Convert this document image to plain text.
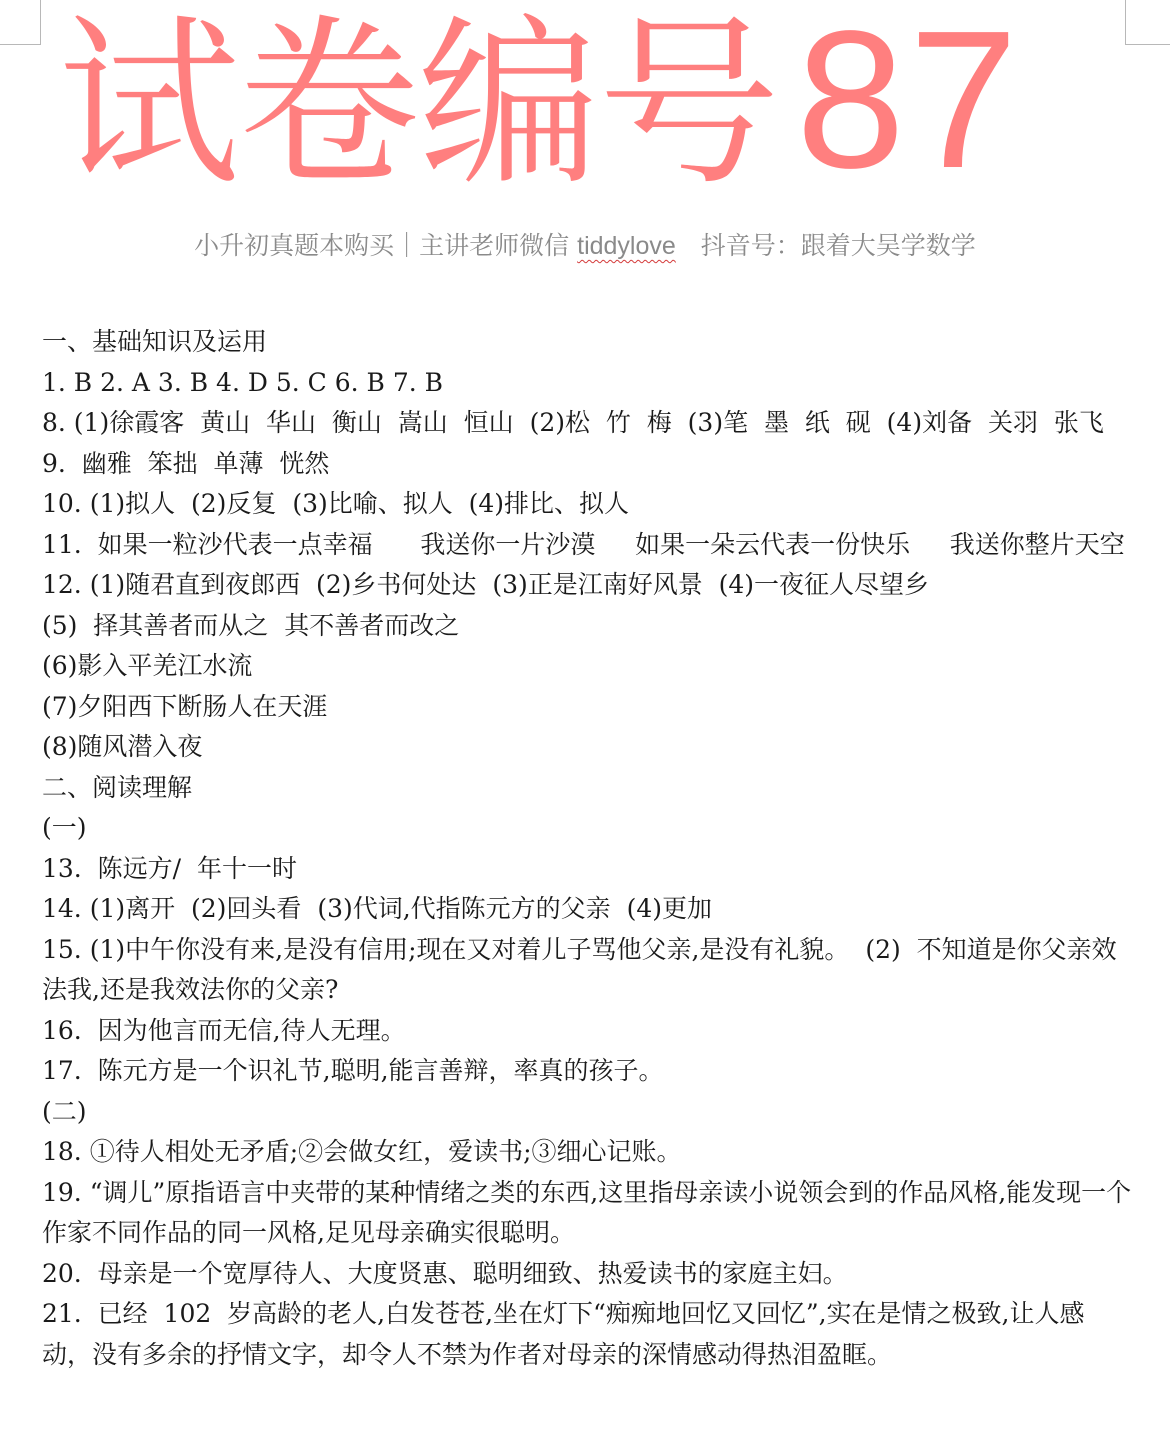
试卷编号87
小升初真题本购买｜主讲老师微信 tiddylove　抖音号：跟着大吴学数学
一、基础知识及运用
1. B 2. A 3. B 4. D 5. C 6. B 7. B
8. (1)徐霞客  黄山  华山  衡山  嵩山  恒山  (2)松  竹  梅  (3)笔  墨  纸  砚  (4)刘备  关羽  张飞
9.  幽雅  笨拙  单薄  恍然
10. (1)拟人  (2)反复  (3)比喻、拟人  (4)排比、拟人
11.  如果一粒沙代表一点幸福      我送你一片沙漠     如果一朵云代表一份快乐     我送你整片天空
12. (1)随君直到夜郎西  (2)乡书何处达  (3)正是江南好风景  (4)一夜征人尽望乡
(5)  择其善者而从之  其不善者而改之
(6)影入平羌江水流
(7)夕阳西下断肠人在天涯
(8)随风潜入夜
二、阅读理解
(一)
13.  陈远方/  年十一时
14. (1)离开  (2)回头看  (3)代词,代指陈元方的父亲  (4)更加
15. (1)中午你没有来,是没有信用;现在又对着儿子骂他父亲,是没有礼貌。  (2)  不知道是你父亲效法我,还是我效法你的父亲?
16.  因为他言而无信,待人无理。
17.  陈元方是一个识礼节,聪明,能言善辩，率真的孩子。
(二)
18. ①待人相处无矛盾;②会做女红，爱读书;③细心记账。
19. “调儿”原指语言中夹带的某种情绪之类的东西,这里指母亲读小说领会到的作品风格,能发现一个作家不同作品的同一风格,足见母亲确实很聪明。
20.  母亲是一个宽厚待人、大度贤惠、聪明细致、热爱读书的家庭主妇。
21.  已经  102  岁高龄的老人,白发苍苍,坐在灯下“痴痴地回忆又回忆”,实在是情之极致,让人感动，没有多余的抒情文字，却令人不禁为作者对母亲的深情感动得热泪盈眶。
